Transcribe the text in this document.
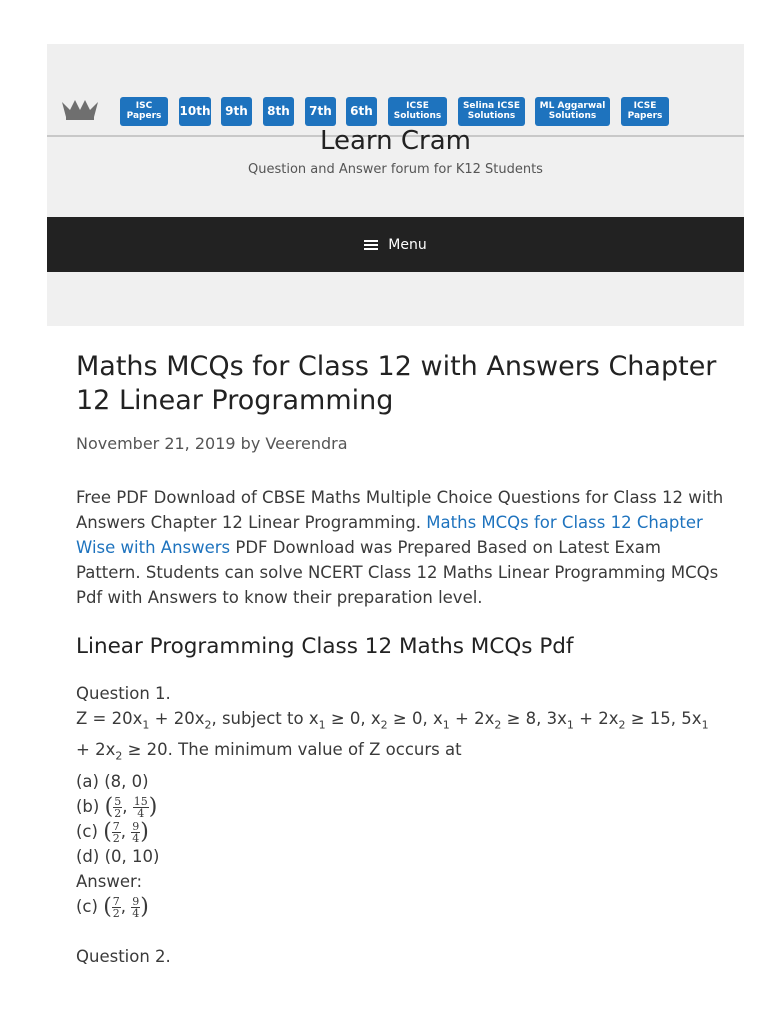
ISC
Papers	10th	9th	8th	7th	6th	ICSE
Solutions
Selina ICSE
Solutions
ML Aggarwal
Solutions
ICSE
Papers
Learn Cram
Question and Answer forum for K12 Students
Menu
Maths MCQs for Class 12 with Answers Chapter 12 Linear Programming
November 21, 2019 by Veerendra
Free PDF Download of CBSE Maths Multiple Choice Questions for Class 12 with Answers Chapter 12 Linear Programming. Maths MCQs for Class 12 Chapter Wise with Answers PDF Download was Prepared Based on Latest Exam Pattern. Students can solve NCERT Class 12 Maths Linear Programming MCQs Pdf with Answers to know their preparation level.
Linear Programming Class 12 Maths MCQs Pdf
Question 1.
$Z = 20x_1 + 20x_2$, subject to $x_1 \ge 0$, $x_2 \ge 0$, $x_1 + 2x_2 \ge 8$, $3x_1 + 2x_2 \ge 15$, $5x_1 + 2x_2 \ge 20$. The minimum value of Z occurs at
(a) (8, 0)
(b) ( $\frac{5}{2}$ , $\frac{15}{4}$ )
(c) ( $\frac{7}{2}$ , $\frac{9}{4}$ )
(d) (0, 10)
Answer:
(c) ( $\frac{7}{2}$ , $\frac{9}{4}$ )
Question 2.
